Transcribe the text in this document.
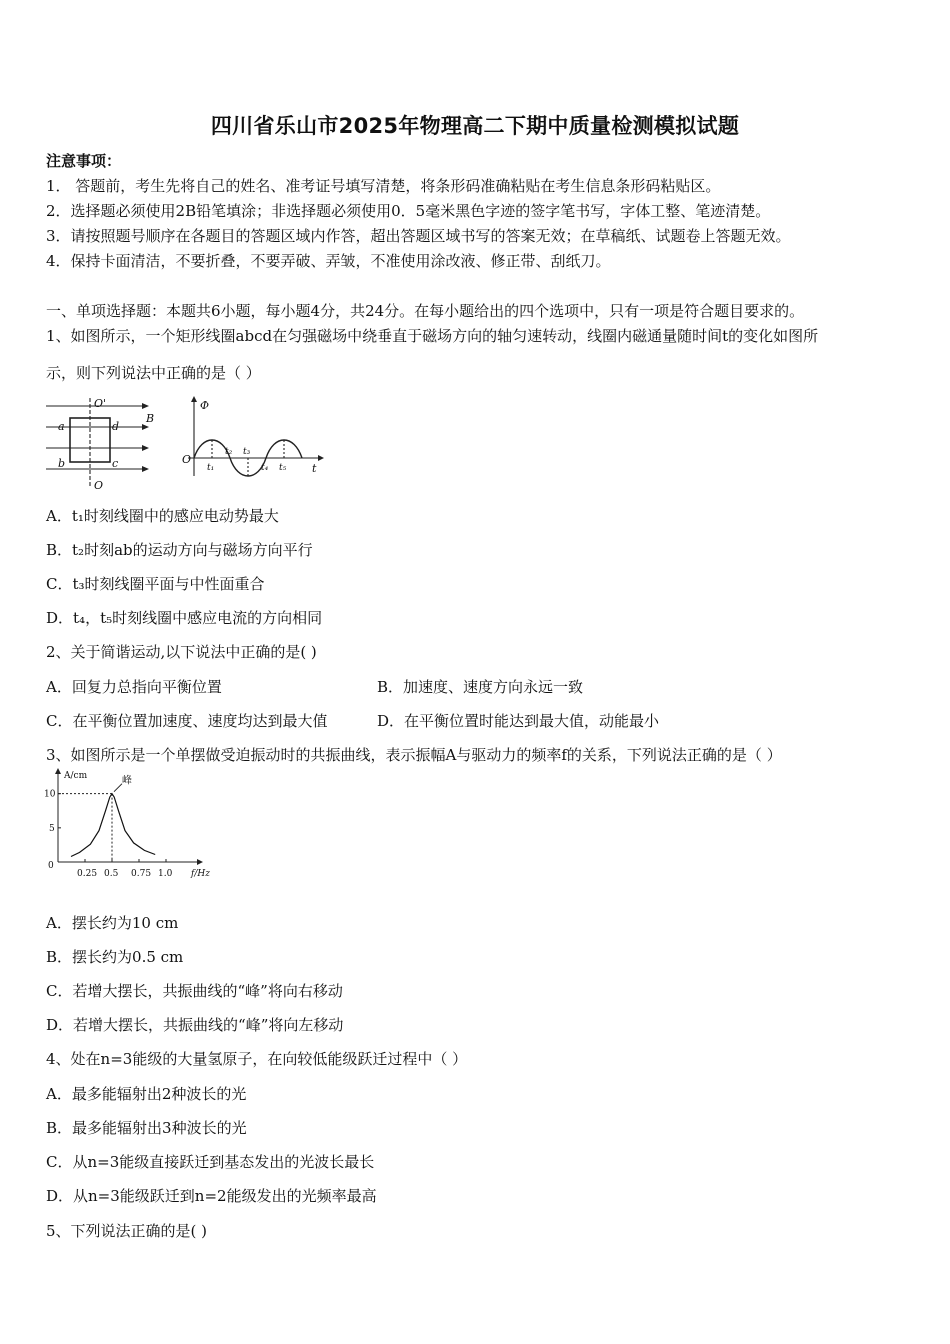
四川省乐山市2025年物理高二下期中质量检测模拟试题
注意事项：
1． 答题前，考生先将自己的姓名、准考证号填写清楚，将条形码准确粘贴在考生信息条形码粘贴区。
2．选择题必须使用2B铅笔填涂；非选择题必须使用0．5毫米黑色字迹的签字笔书写，字体工整、笔迹清楚。
3．请按照题号顺序在各题目的答题区域内作答，超出答题区域书写的答案无效；在草稿纸、试题卷上答题无效。
4．保持卡面清洁，不要折叠，不要弄破、弄皱，不准使用涂改液、修正带、刮纸刀。
一、单项选择题：本题共6小题，每小题4分，共24分。在每小题给出的四个选项中，只有一项是符合题目要求的。
1、如图所示，一个矩形线圈abcd在匀强磁场中绕垂直于磁场方向的轴匀速转动，线圈内磁通量随时间t的变化如图所
示，则下列说法中正确的是（ ）
O'
O
B
a
b	c
d
Φ
O
t
t₁
t₂ t₃
t₄ t₅
A．t₁时刻线圈中的感应电动势最大
B．t₂时刻ab的运动方向与磁场方向平行
C．t₃时刻线圈平面与中性面重合
D．t₄，t₅时刻线圈中感应电流的方向相同
2、关于简谐运动,以下说法中正确的是( )
A．回复力总指向平衡位置	B．加速度、速度方向永远一致
C．在平衡位置加速度、速度均达到最大值	D．在平衡位置时能达到最大值，动能最小
3、如图所示是一个单摆做受迫振动时的共振曲线，表示振幅A与驱动力的频率f的关系，下列说法正确的是（ ）
A/cm
f/Hz
0
0.25 0.5 0.75 1.0
5
10
峰
A．摆长约为10 cm
B．摆长约为0.5 cm
C．若增大摆长，共振曲线的“峰”将向右移动
D．若增大摆长，共振曲线的“峰”将向左移动
4、处在n=3能级的大量氢原子，在向较低能级跃迁过程中（ ）
A．最多能辐射出2种波长的光
B．最多能辐射出3种波长的光
C．从n=3能级直接跃迁到基态发出的光波长最长
D．从n=3能级跃迁到n=2能级发出的光频率最高
5、下列说法正确的是( )
